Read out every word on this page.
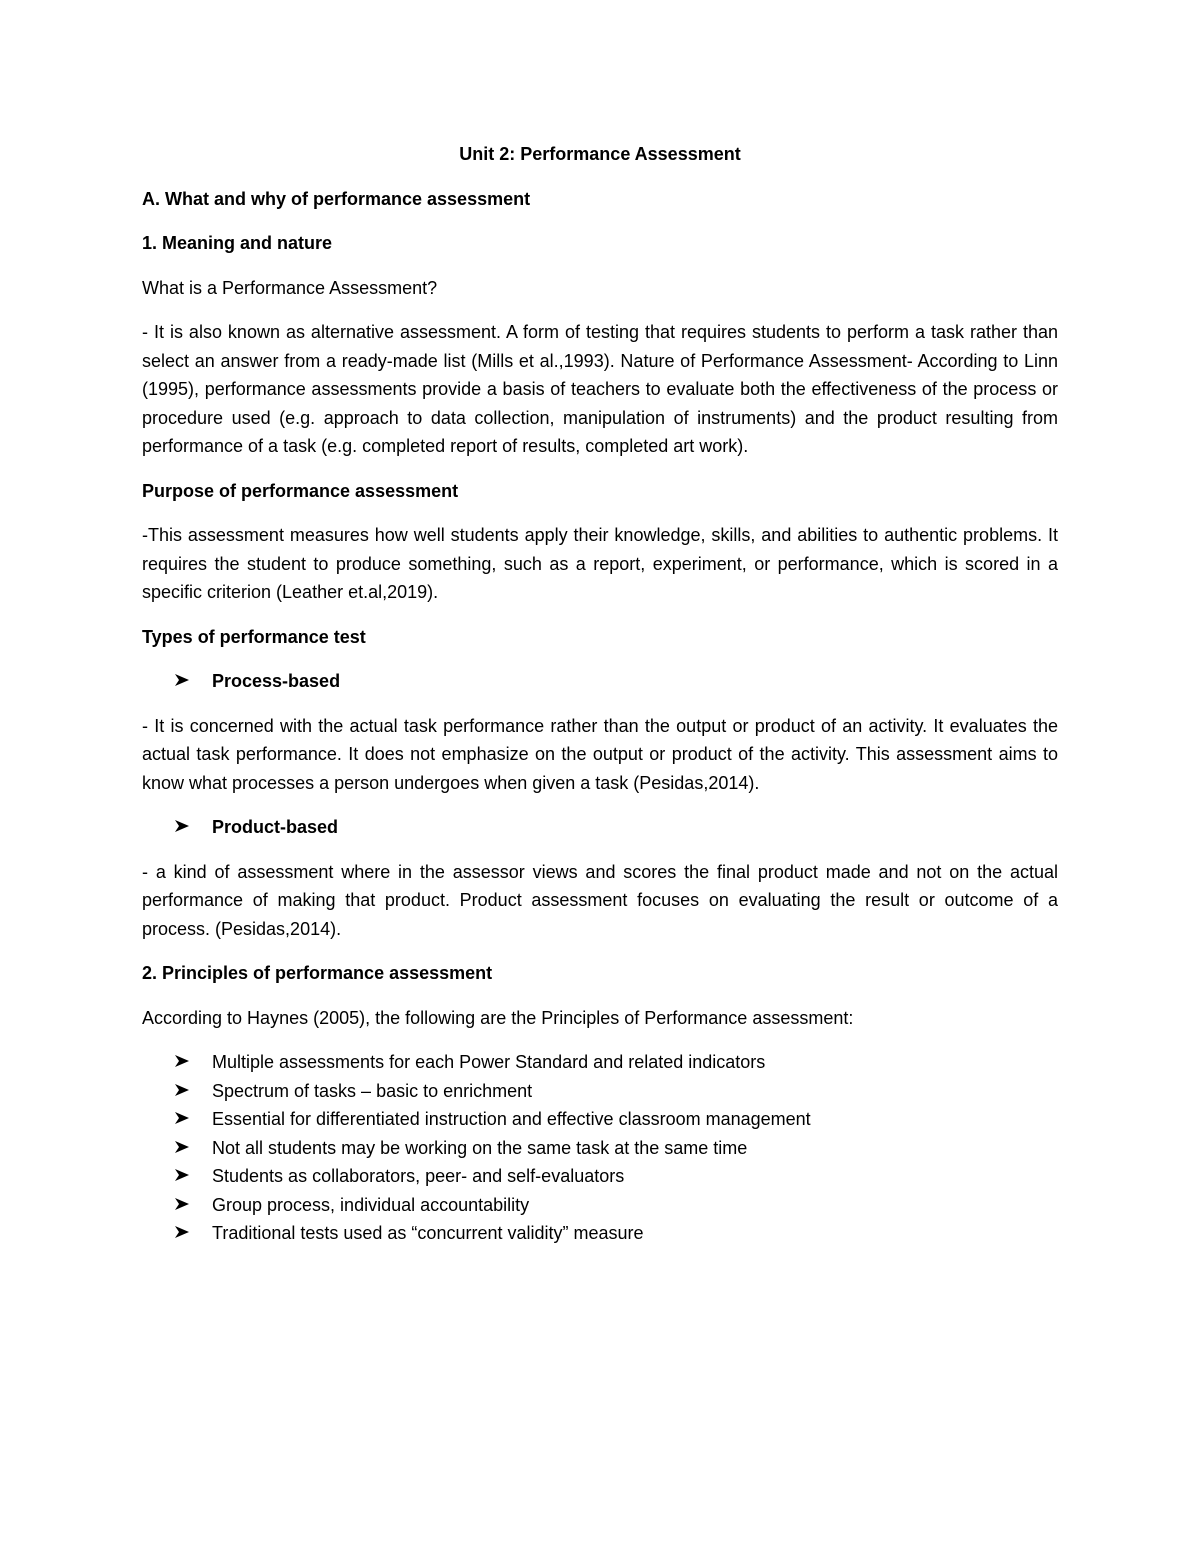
Unit 2: Performance Assessment

A. What and why of performance assessment

1. Meaning and nature

What is a Performance Assessment?

- It is also known as alternative assessment. A form of testing that requires students to perform a task rather than select an answer from a ready-made list (Mills et al.,1993). Nature of Performance Assessment- According to Linn (1995), performance assessments provide a basis of teachers to evaluate both the effectiveness of the process or procedure used (e.g. approach to data collection, manipulation of instruments) and the product resulting from performance of a task (e.g. completed report of results, completed art work).

Purpose of performance assessment

-This assessment measures how well students apply their knowledge, skills, and abilities to authentic problems. It requires the student to produce something, such as a report, experiment, or performance, which is scored in a specific criterion (Leather et.al,2019).

Types of performance test

Process-based

- It is concerned with the actual task performance rather than the output or product of an activity. It evaluates the actual task performance. It does not emphasize on the output or product of the activity. This assessment aims to know what processes a person undergoes when given a task (Pesidas,2014).

Product-based

- a kind of assessment where in the assessor views and scores the final product made and not on the actual performance of making that product. Product assessment focuses on evaluating the result or outcome of a process. (Pesidas,2014).

2. Principles of performance assessment

According to Haynes (2005), the following are the Principles of Performance assessment:

Multiple assessments for each Power Standard and related indicators
Spectrum of tasks – basic to enrichment
Essential for differentiated instruction and effective classroom management
Not all students may be working on the same task at the same time
Students as collaborators, peer- and self-evaluators
Group process, individual accountability
Traditional tests used as “concurrent validity” measure
